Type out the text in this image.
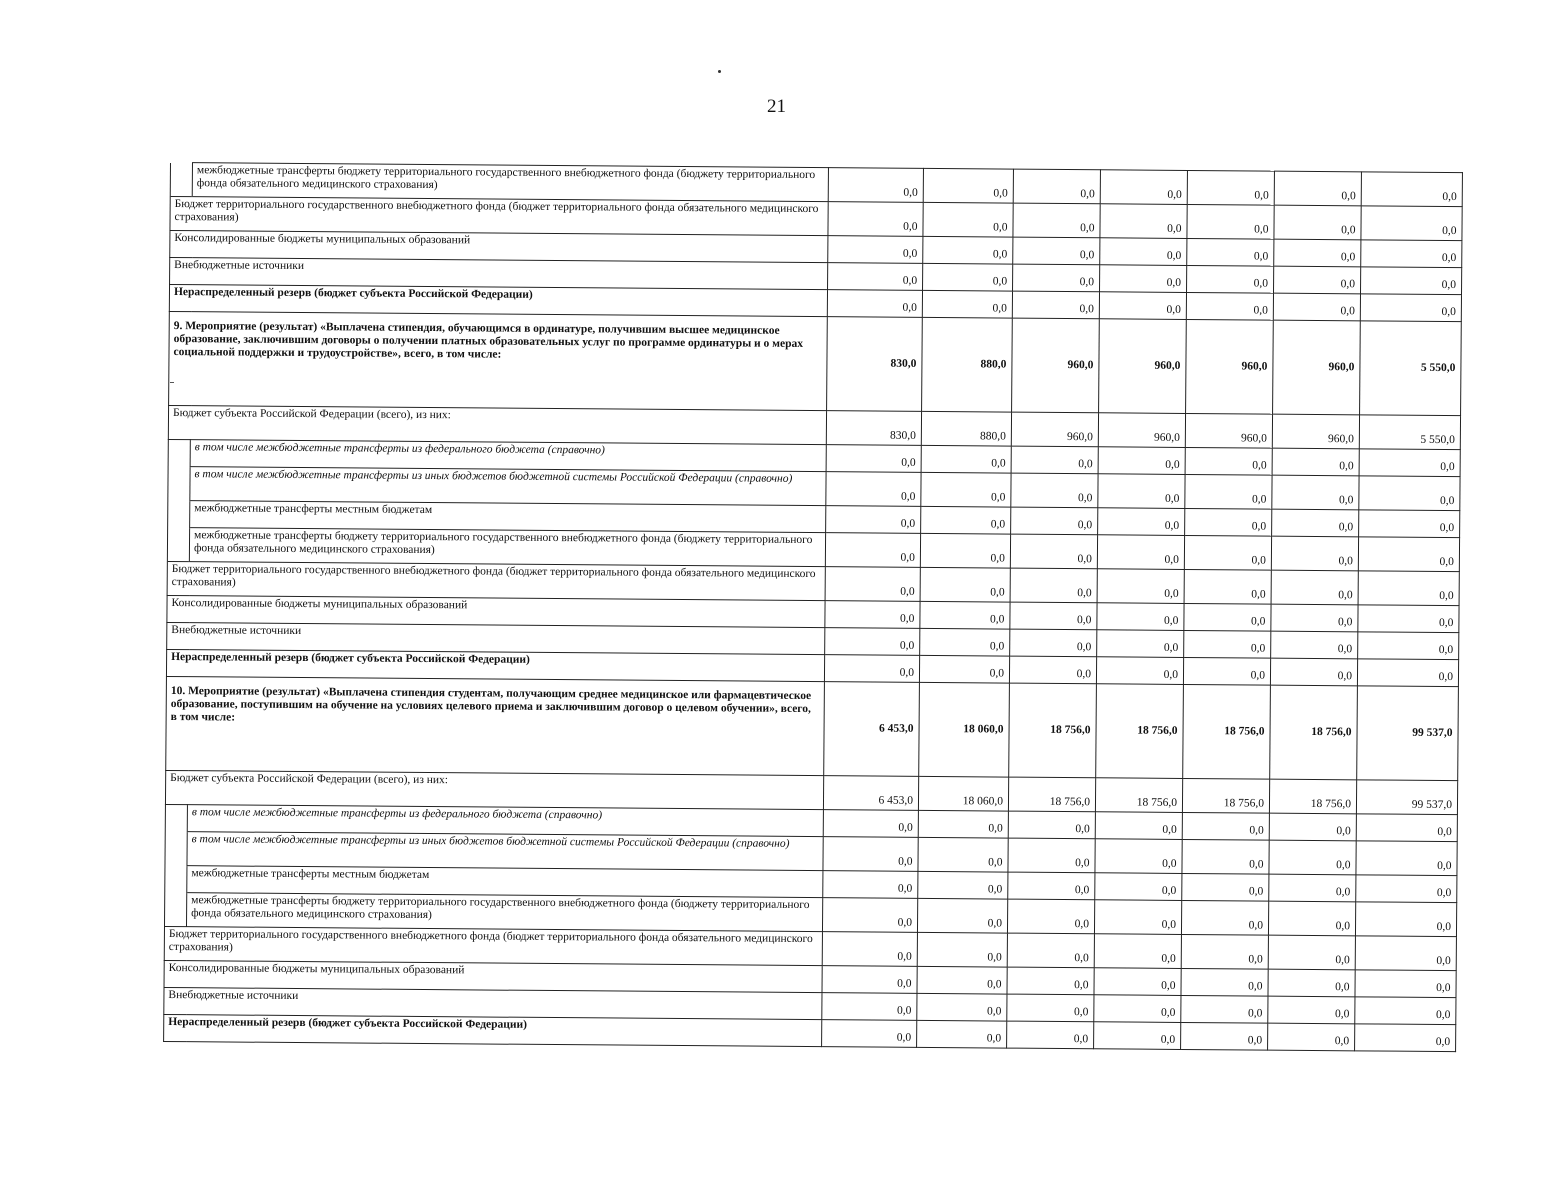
21
	межбюджетные трансферты бюджету территориального государственного внебюджетного фонда (бюджету территориального фонда обязательного медицинского страхования)	0,0	0,0	0,0	0,0	0,0	0,0	0,0
Бюджет территориального государственного внебюджетного фонда (бюджет территориального фонда обязательного медицинского страхования)		0,0	0,0	0,0	0,0	0,0	0,0	0,0
Консолидированные бюджеты муниципальных образований		0,0	0,0	0,0	0,0	0,0	0,0	0,0
Внебюджетные источники		0,0	0,0	0,0	0,0	0,0	0,0	0,0
Нераспределенный резерв (бюджет субъекта Российской Федерации)		0,0	0,0	0,0	0,0	0,0	0,0	0,0
9. Мероприятие (результат) «Выплачена стипендия, обучающимся в ординатуре, получившим высшее медицинское образование, заключившим договоры о получении платных образовательных услуг по программе ординатуры и о мерах социальной поддержки и трудоустройстве», всего, в том числе:		830,0	880,0	960,0	960,0	960,0	960,0	5 550,0
Бюджет субъекта Российской Федерации (всего), из них:		830,0	880,0	960,0	960,0	960,0	960,0	5 550,0
	в том числе межбюджетные трансферты из федерального бюджета (справочно)	0,0	0,0	0,0	0,0	0,0	0,0	0,0
	в том числе межбюджетные трансферты из иных бюджетов бюджетной системы Российской Федерации (справочно)	0,0	0,0	0,0	0,0	0,0	0,0	0,0
	межбюджетные трансферты местным бюджетам	0,0	0,0	0,0	0,0	0,0	0,0	0,0
	межбюджетные трансферты бюджету территориального государственного внебюджетного фонда (бюджету территориального фонда обязательного медицинского страхования)	0,0	0,0	0,0	0,0	0,0	0,0	0,0
Бюджет территориального государственного внебюджетного фонда (бюджет территориального фонда обязательного медицинского страхования)		0,0	0,0	0,0	0,0	0,0	0,0	0,0
Консолидированные бюджеты муниципальных образований		0,0	0,0	0,0	0,0	0,0	0,0	0,0
Внебюджетные источники		0,0	0,0	0,0	0,0	0,0	0,0	0,0
Нераспределенный резерв (бюджет субъекта Российской Федерации)		0,0	0,0	0,0	0,0	0,0	0,0	0,0
10. Мероприятие (результат) «Выплачена стипендия студентам, получающим среднее медицинское или фармацевтическое образование, поступившим на обучение на условиях целевого приема и заключившим договор о целевом обучении», всего, в том числе:		6 453,0	18 060,0	18 756,0	18 756,0	18 756,0	18 756,0	99 537,0
Бюджет субъекта Российской Федерации (всего), из них:		6 453,0	18 060,0	18 756,0	18 756,0	18 756,0	18 756,0	99 537,0
	в том числе межбюджетные трансферты из федерального бюджета (справочно)	0,0	0,0	0,0	0,0	0,0	0,0	0,0
	в том числе межбюджетные трансферты из иных бюджетов бюджетной системы Российской Федерации (справочно)	0,0	0,0	0,0	0,0	0,0	0,0	0,0
	межбюджетные трансферты местным бюджетам	0,0	0,0	0,0	0,0	0,0	0,0	0,0
	межбюджетные трансферты бюджету территориального государственного внебюджетного фонда (бюджету территориального фонда обязательного медицинского страхования)	0,0	0,0	0,0	0,0	0,0	0,0	0,0
Бюджет территориального государственного внебюджетного фонда (бюджет территориального фонда обязательного медицинского страхования)		0,0	0,0	0,0	0,0	0,0	0,0	0,0
Консолидированные бюджеты муниципальных образований		0,0	0,0	0,0	0,0	0,0	0,0	0,0
Внебюджетные источники		0,0	0,0	0,0	0,0	0,0	0,0	0,0
Нераспределенный резерв (бюджет субъекта Российской Федерации)		0,0	0,0	0,0	0,0	0,0	0,0	0,0
